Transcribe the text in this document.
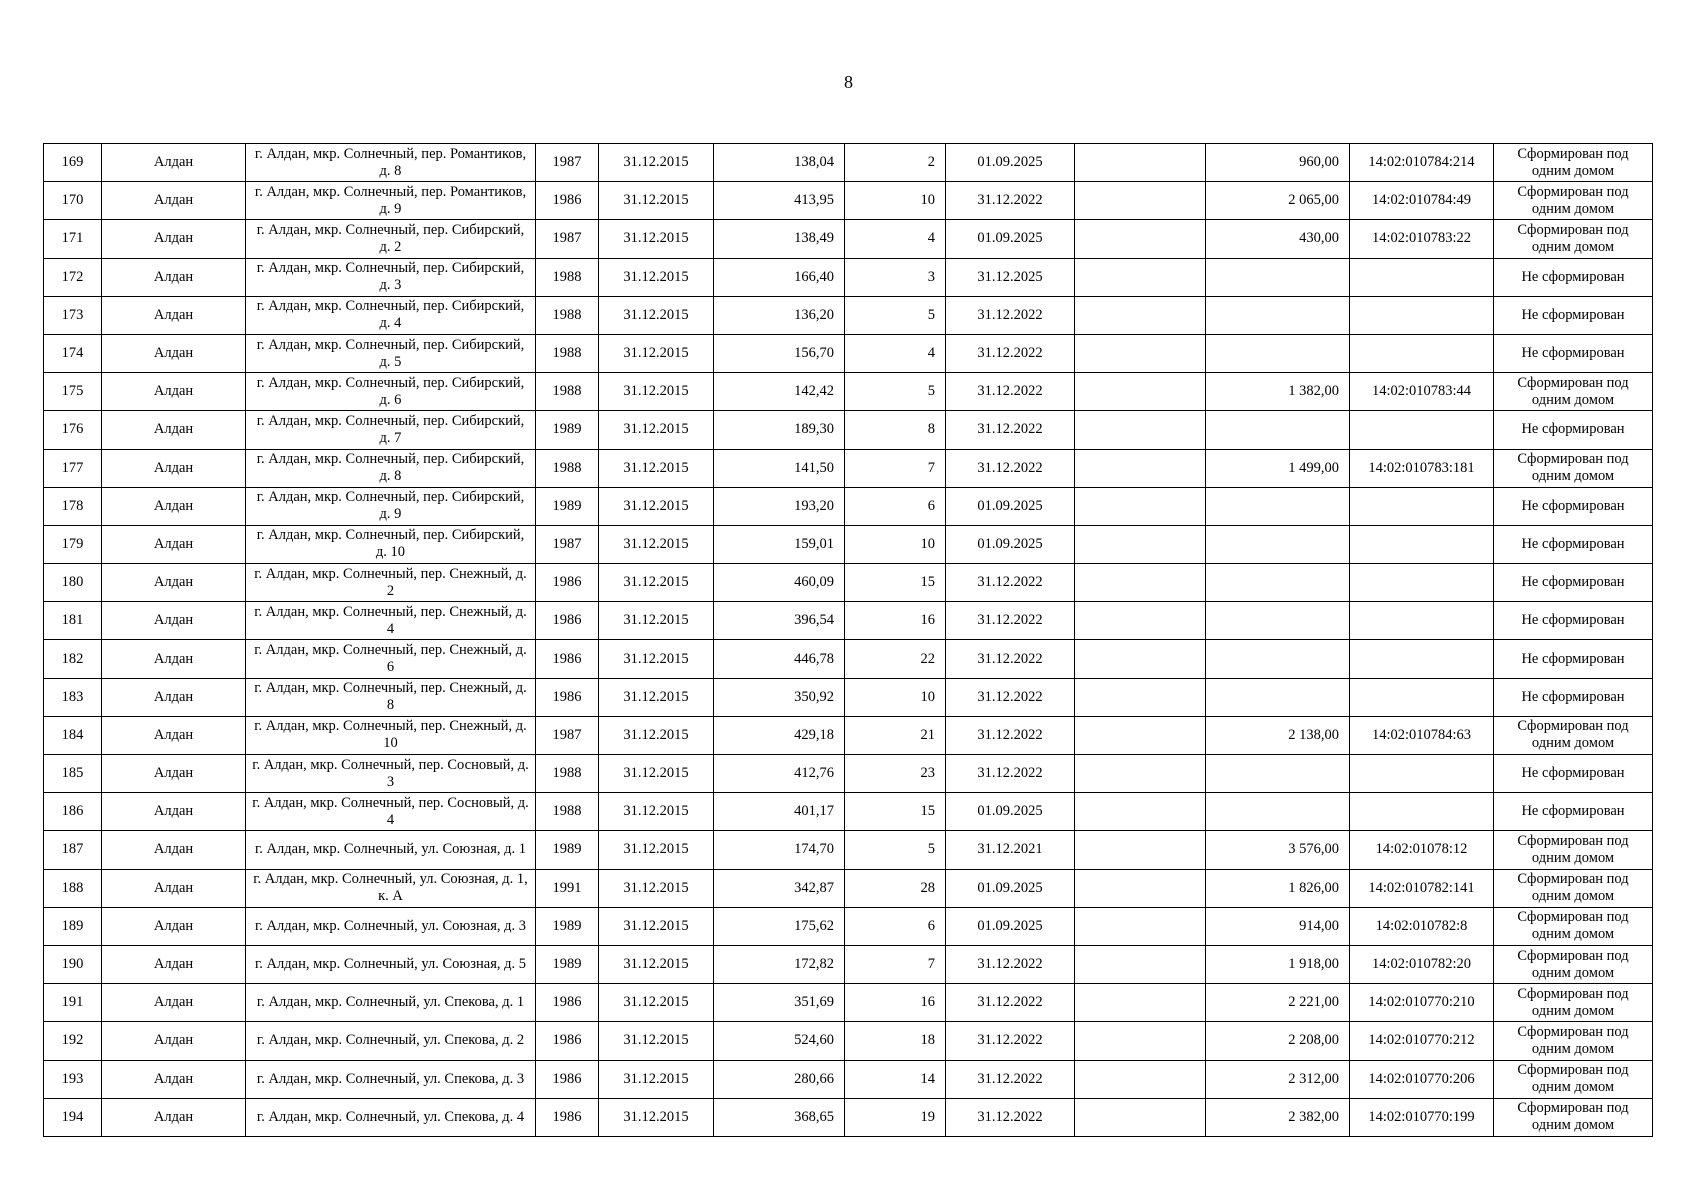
8
169	Алдан	г. Алдан, мкр. Солнечный, пер. Романтиков, д. 8	1987	31.12.2015	138,04	2	01.09.2025		960,00	14:02:010784:214	Сформирован под одним домом
170	Алдан	г. Алдан, мкр. Солнечный, пер. Романтиков, д. 9	1986	31.12.2015	413,95	10	31.12.2022		2 065,00	14:02:010784:49	Сформирован под одним домом
171	Алдан	г. Алдан, мкр. Солнечный, пер. Сибирский, д. 2	1987	31.12.2015	138,49	4	01.09.2025		430,00	14:02:010783:22	Сформирован под одним домом
172	Алдан	г. Алдан, мкр. Солнечный, пер. Сибирский, д. 3	1988	31.12.2015	166,40	3	31.12.2025				Не сформирован
173	Алдан	г. Алдан, мкр. Солнечный, пер. Сибирский, д. 4	1988	31.12.2015	136,20	5	31.12.2022				Не сформирован
174	Алдан	г. Алдан, мкр. Солнечный, пер. Сибирский, д. 5	1988	31.12.2015	156,70	4	31.12.2022				Не сформирован
175	Алдан	г. Алдан, мкр. Солнечный, пер. Сибирский, д. 6	1988	31.12.2015	142,42	5	31.12.2022		1 382,00	14:02:010783:44	Сформирован под одним домом
176	Алдан	г. Алдан, мкр. Солнечный, пер. Сибирский, д. 7	1989	31.12.2015	189,30	8	31.12.2022				Не сформирован
177	Алдан	г. Алдан, мкр. Солнечный, пер. Сибирский, д. 8	1988	31.12.2015	141,50	7	31.12.2022		1 499,00	14:02:010783:181	Сформирован под одним домом
178	Алдан	г. Алдан, мкр. Солнечный, пер. Сибирский, д. 9	1989	31.12.2015	193,20	6	01.09.2025				Не сформирован
179	Алдан	г. Алдан, мкр. Солнечный, пер. Сибирский, д. 10	1987	31.12.2015	159,01	10	01.09.2025				Не сформирован
180	Алдан	г. Алдан, мкр. Солнечный, пер. Снежный, д. 2	1986	31.12.2015	460,09	15	31.12.2022				Не сформирован
181	Алдан	г. Алдан, мкр. Солнечный, пер. Снежный, д. 4	1986	31.12.2015	396,54	16	31.12.2022				Не сформирован
182	Алдан	г. Алдан, мкр. Солнечный, пер. Снежный, д. 6	1986	31.12.2015	446,78	22	31.12.2022				Не сформирован
183	Алдан	г. Алдан, мкр. Солнечный, пер. Снежный, д. 8	1986	31.12.2015	350,92	10	31.12.2022				Не сформирован
184	Алдан	г. Алдан, мкр. Солнечный, пер. Снежный, д. 10	1987	31.12.2015	429,18	21	31.12.2022		2 138,00	14:02:010784:63	Сформирован под одним домом
185	Алдан	г. Алдан, мкр. Солнечный, пер. Сосновый, д. 3	1988	31.12.2015	412,76	23	31.12.2022				Не сформирован
186	Алдан	г. Алдан, мкр. Солнечный, пер. Сосновый, д. 4	1988	31.12.2015	401,17	15	01.09.2025				Не сформирован
187	Алдан	г. Алдан, мкр. Солнечный, ул. Союзная, д. 1	1989	31.12.2015	174,70	5	31.12.2021		3 576,00	14:02:01078:12	Сформирован под одним домом
188	Алдан	г. Алдан, мкр. Солнечный, ул. Союзная, д. 1, к. А	1991	31.12.2015	342,87	28	01.09.2025		1 826,00	14:02:010782:141	Сформирован под одним домом
189	Алдан	г. Алдан, мкр. Солнечный, ул. Союзная, д. 3	1989	31.12.2015	175,62	6	01.09.2025		914,00	14:02:010782:8	Сформирован под одним домом
190	Алдан	г. Алдан, мкр. Солнечный, ул. Союзная, д. 5	1989	31.12.2015	172,82	7	31.12.2022		1 918,00	14:02:010782:20	Сформирован под одним домом
191	Алдан	г. Алдан, мкр. Солнечный, ул. Спекова, д. 1	1986	31.12.2015	351,69	16	31.12.2022		2 221,00	14:02:010770:210	Сформирован под одним домом
192	Алдан	г. Алдан, мкр. Солнечный, ул. Спекова, д. 2	1986	31.12.2015	524,60	18	31.12.2022		2 208,00	14:02:010770:212	Сформирован под одним домом
193	Алдан	г. Алдан, мкр. Солнечный, ул. Спекова, д. 3	1986	31.12.2015	280,66	14	31.12.2022		2 312,00	14:02:010770:206	Сформирован под одним домом
194	Алдан	г. Алдан, мкр. Солнечный, ул. Спекова, д. 4	1986	31.12.2015	368,65	19	31.12.2022		2 382,00	14:02:010770:199	Сформирован под одним домом
